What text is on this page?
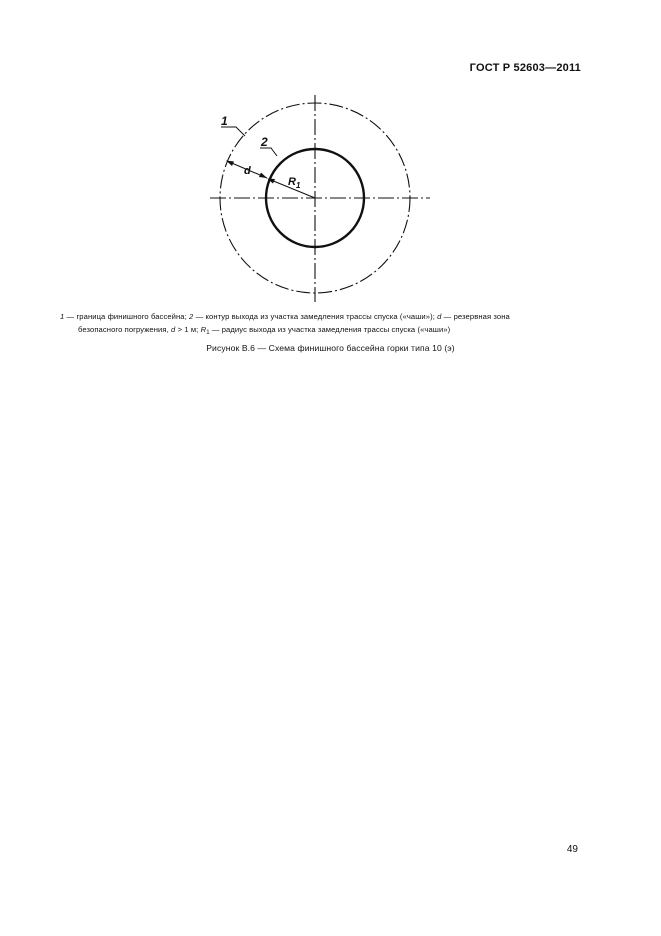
ГОСТ Р 52603—2011
1
2
d
$R_1$
1 — граница финишного бассейна; 2 — контур выхода из участка замедления трассы спуска («чаши»); d — резервная зона
безопасного погружения, d > 1 м; $R_1$ — радиус выхода из участка замедления трассы спуска («чаши»)
Рисунок В.6 — Схема финишного бассейна горки типа 10 (э)
49
